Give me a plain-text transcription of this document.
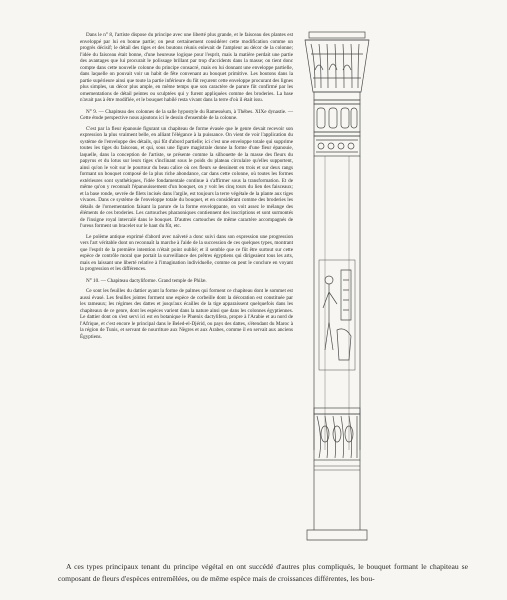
Dans le n° 8, l'artiste dispose du principe avec une liberté plus grande, et le faisceau des plantes est enveloppé par lui en bonne partie; on peut certainement considérer cette modification comme un progrès décisif; le détail des tiges et des boutons réunis enlevait de l'ampleur au décor de la colonne; l'idée du faisceau était bonne, d'une heureuse logique pour l'esprit, mais la matière perdait une partie des avantages que lui procurait le polissage brillant par trop d'accidents dans la masse; on tient donc compte dans cette nouvelle colonne du principe consacré, mais en lui donnant une enveloppe partielle, dans laquelle on pouvait voir un habit de fête convenant au bouquet primitive. Les boutons dans la partie supérieure ainsi que toute la partie inférieure du fût reçurent cette enveloppe procurant des lignes plus simples, un décor plus ample, en même temps que son caractère de parure fût confirmé par les ornementations de détail peintes ou sculptées qui y furent appliquées comme des broderies. La base n'avait pas à être modifiée, et le bouquet habilé resta vivant dans la terre d'où il était issu.

N° 9. — Chapiteau des colonnes de la salle hypostyle du Ramesséum, à Thèbes. XIXe dynastie. — Cette étude perspective nous ajoutons ici le dessin d'ensemble de la colonne.

C'est par la fleur épanouie figurant un chapiteau de forme évasée que le genre devait recevoir son expression la plus vraiment belle, en alliant l'élégance à la puissance. On vient de voir l'application du système de l'enveloppe des détails, qui fût d'abord partielle; ici c'est une enveloppe totale qui supprime toutes les tiges du faisceau, et qui, sous une figure magistrale donne la forme d'une fleur épanouie, laquelle, dans la conception de l'artiste, se présente comme la silhouette de la masse des fleurs du papyrus et du lotus sur leurs tiges s'inclinant sous le poids du plateau circulaire qu'elles supportent, ainsi qu'on le voit sur le pourtour du beau calice où ces fleurs se dessinent en trois et sur deux rangs formant un bouquet composé de la plus riche abondance, car dans cette colonne, où toutes les formes extérieures sont synthétiques, l'idée fondamentale continue à s'affirmer sous la transformation. Et de même qu'on y reconnaît l'épanouissement d'un bouquet, on y voit les cinq tours du lien des faisceaux; et la base ronde, sevrée de filets incisés dans l'argile, est toujours la terre végétale de la plante aux tiges vivaces. Dans ce système de l'enveloppe totale du bouquet, et en considérant comme des broderies les détails de l'ornementation faisant la parure de la forme enveloppante, on voit assez le mélange des éléments de ces broderies. Les cartouches pharaoniques contiennent des inscriptions et sont surmontés de l'insigne royal intercalé dans le bouquet. D'autres cartouches de même caractère accompagnés de l'ureus forment un bracelet sur le haut du fût, etc.

Le polème antique exprimé d'abord avec naïveté a donc suivi dans son expression une progression vers l'art véritable dont on reconnaît la marche à l'aide de la succession de ces quelques types, montrant que l'esprit de la première intention n'était point oublié; et il semble que ce fût être surtout sur cette espèce de contrôle moral que portait la surveillance des prêtres égyptiens qui dirigeaient tous les arts, mais en laissant une liberté relative à l'imagination individuelle, comme on peut le conclure en voyant la progression et les différences.

N° 10. — Chapiteau dactyliforme. Grand temple de Philæ.

Ce sont les feuilles du dattier ayant la forme de palmes qui forment ce chapiteau dont le sommet est aussi évasé. Les feuilles jointes forment une espèce de corbeille dont la décoration est constituée par les rameaux; les régimes des dattes et jusqu'aux écailles de la tige apparaissent quelquefois dans les chapiteaux de ce genre, dont les espèces varient dans la nature ainsi que dans les colonnes égyptiennes. Le dattier dont on s'est servi ici est en botanique le Phœnix dactylifera, propre à l'Arabie et au nord de l'Afrique, et c'est encore le principal dans le Beled-el-Djérid, ou pays des dattes, s'étendant du Maroc à la région de Tunis, et servant de nourriture aux Nègres et aux Arabes, comme il en servait aux anciens Égyptiens.

A ces types principaux tenant du principe végétal en ont succédé d'autres plus compliqués, le bouquet formant le chapiteau se composant de fleurs d'espèces entremêlées, ou de même espèce mais de croissances différentes, les bou-
